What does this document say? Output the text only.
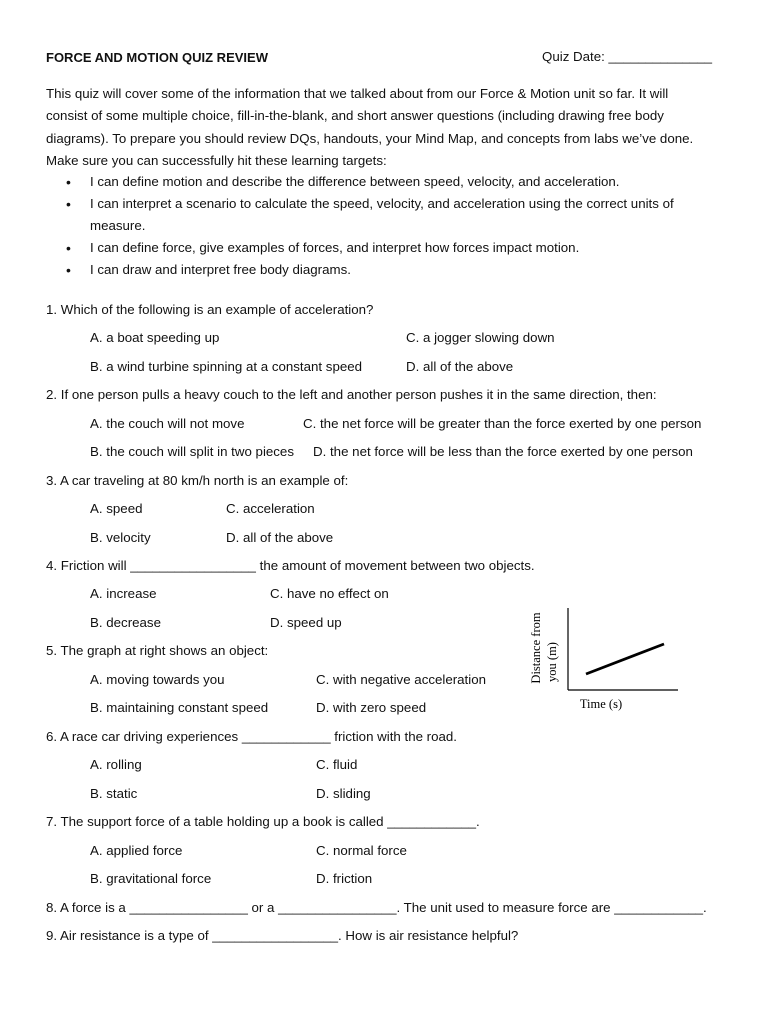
FORCE AND MOTION QUIZ REVIEW	Quiz Date: ______________
This quiz will cover some of the information that we talked about from our Force & Motion unit so far. It will
consist of some multiple choice, fill-in-the-blank, and short answer questions (including drawing free body
diagrams). To prepare you should review DQs, handouts, your Mind Map, and concepts from labs we’ve done.
Make sure you can successfully hit these learning targets:
• I can define motion and describe the difference between speed, velocity, and acceleration.
• I can interpret a scenario to calculate the speed, velocity, and acceleration using the correct units of
measure.
• I can define force, give examples of forces, and interpret how forces impact motion.
• I can draw and interpret free body diagrams.
1. Which of the following is an example of acceleration?
A. a boat speeding up	C. a jogger slowing down
B. a wind turbine spinning at a constant speed	D. all of the above
2. If one person pulls a heavy couch to the left and another person pushes it in the same direction, then:
A. the couch will not move	C. the net force will be greater than the force exerted by one person
B. the couch will split in two pieces D. the net force will be less than the force exerted by one person
3. A car traveling at 80 km/h north is an example of:
A. speed	C. acceleration
B. velocity	D. all of the above
4. Friction will _________________ the amount of movement between two objects.
A. increase	C. have no effect on
B. decrease	D. speed up
5. The graph at right shows an object:
A. moving towards you	C. with negative acceleration
B. maintaining constant speed	D. with zero speed
Distance from you (m)
Time (s)
6. A race car driving experiences ____________ friction with the road.
A. rolling	C. fluid
B. static	D. sliding
7. The support force of a table holding up a book is called ____________.
A. applied force	C. normal force
B. gravitational force	D. friction
8. A force is a ________________ or a ________________. The unit used to measure force are ____________.
9. Air resistance is a type of _________________. How is air resistance helpful?
